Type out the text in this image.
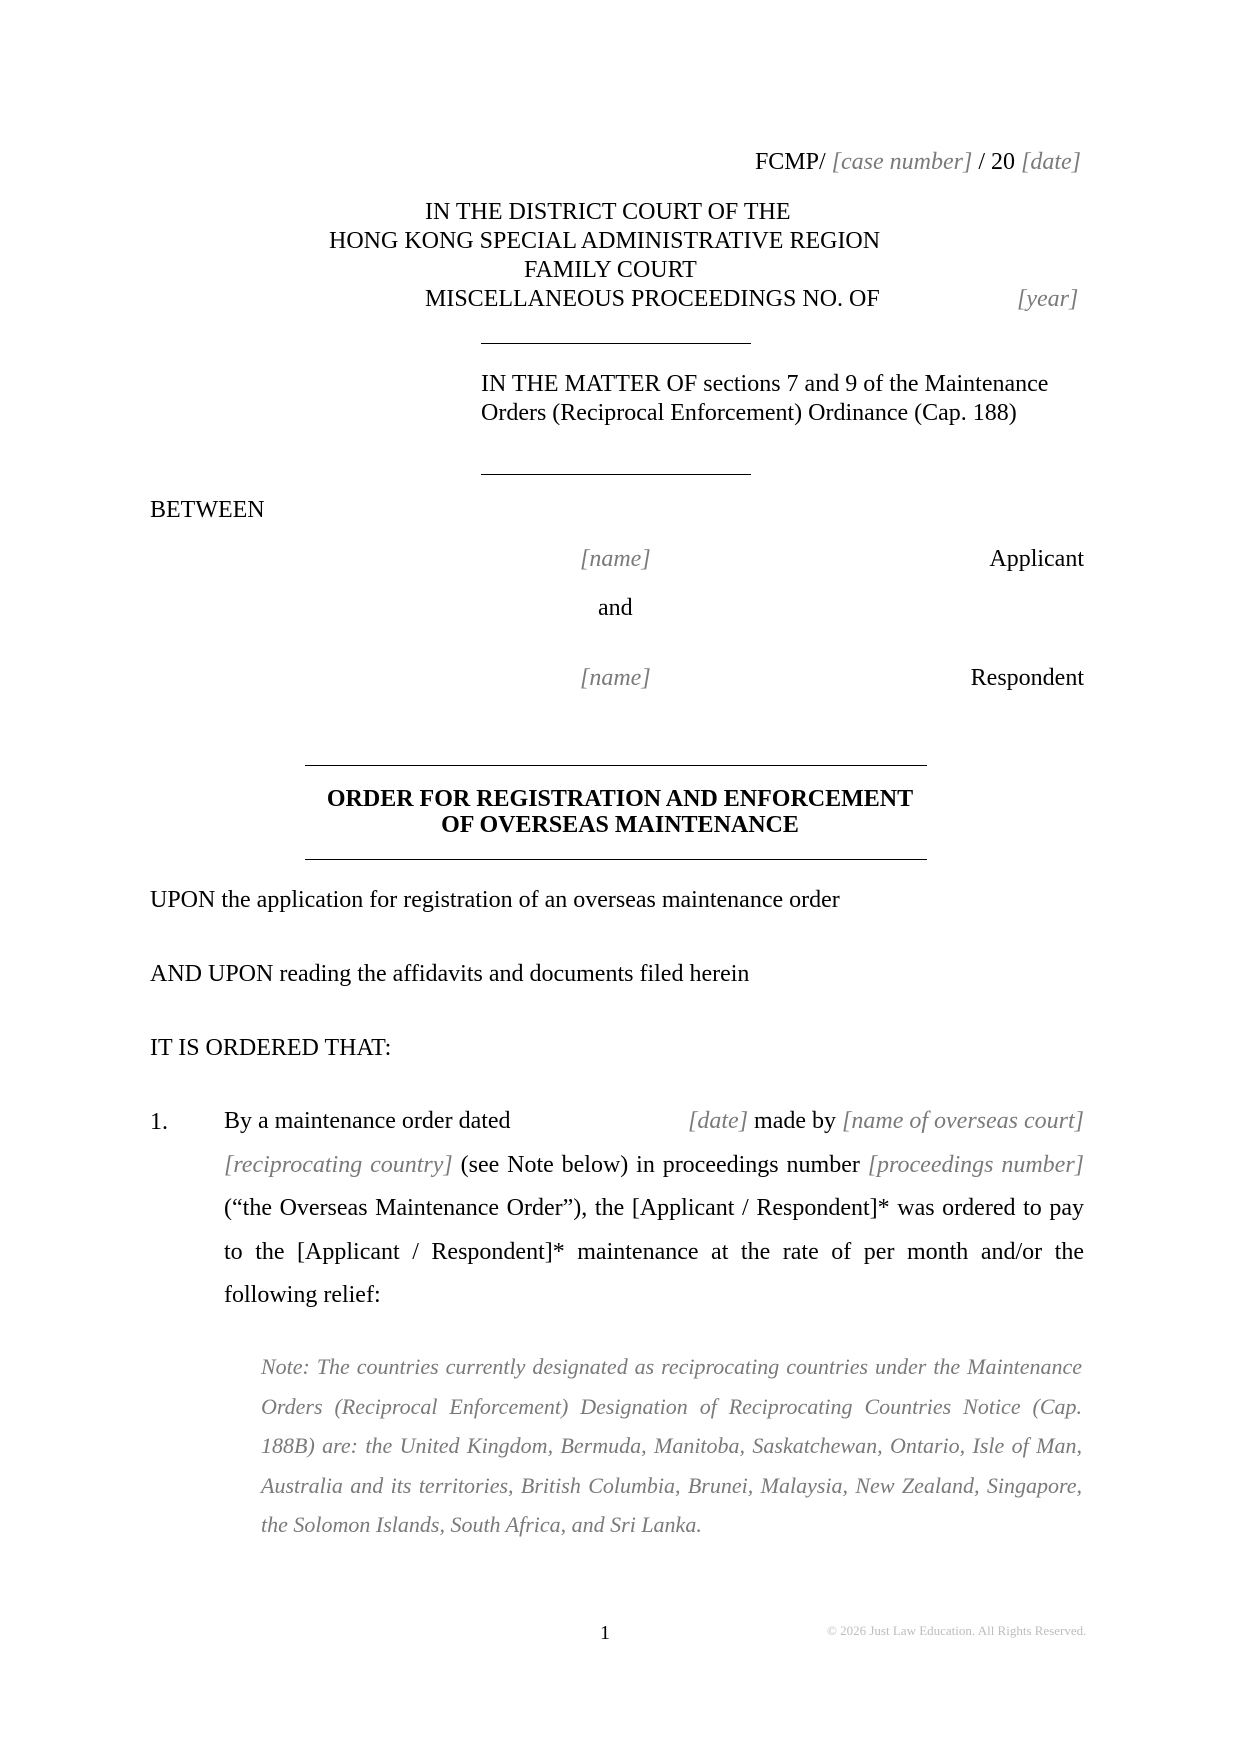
FCMP/ [case number] / 20 [date]
IN THE DISTRICT COURT OF THE
HONG KONG SPECIAL ADMINISTRATIVE REGION
FAMILY COURT
MISCELLANEOUS PROCEEDINGS NO. OF	[year]
IN THE MATTER OF sections 7 and 9 of the Maintenance
Orders (Reciprocal Enforcement) Ordinance (Cap. 188)
BETWEEN
[name]	Applicant
and
[name]	Respondent
ORDER FOR REGISTRATION AND ENFORCEMENT
OF OVERSEAS MAINTENANCE
UPON the application for registration of an overseas maintenance order
AND UPON reading the affidavits and documents filed herein
IT IS ORDERED THAT:
1. By a maintenance order dated	[date] made by [name of overseas court]
[reciprocating country] (see Note below) in proceedings number [proceedings number] (“the Overseas Maintenance Order”), the [Applicant / Respondent]* was ordered to pay to the [Applicant / Respondent]* maintenance at the rate of per month and/or the following relief:
Note: The countries currently designated as reciprocating countries under the Maintenance Orders (Reciprocal Enforcement) Designation of Reciprocating Countries Notice (Cap. 188B) are: the United Kingdom, Bermuda, Manitoba, Saskatchewan, Ontario, Isle of Man, Australia and its territories, British Columbia, Brunei, Malaysia, New Zealand, Singapore, the Solomon Islands, South Africa, and Sri Lanka.
1	© 2026 Just Law Education. All Rights Reserved.
